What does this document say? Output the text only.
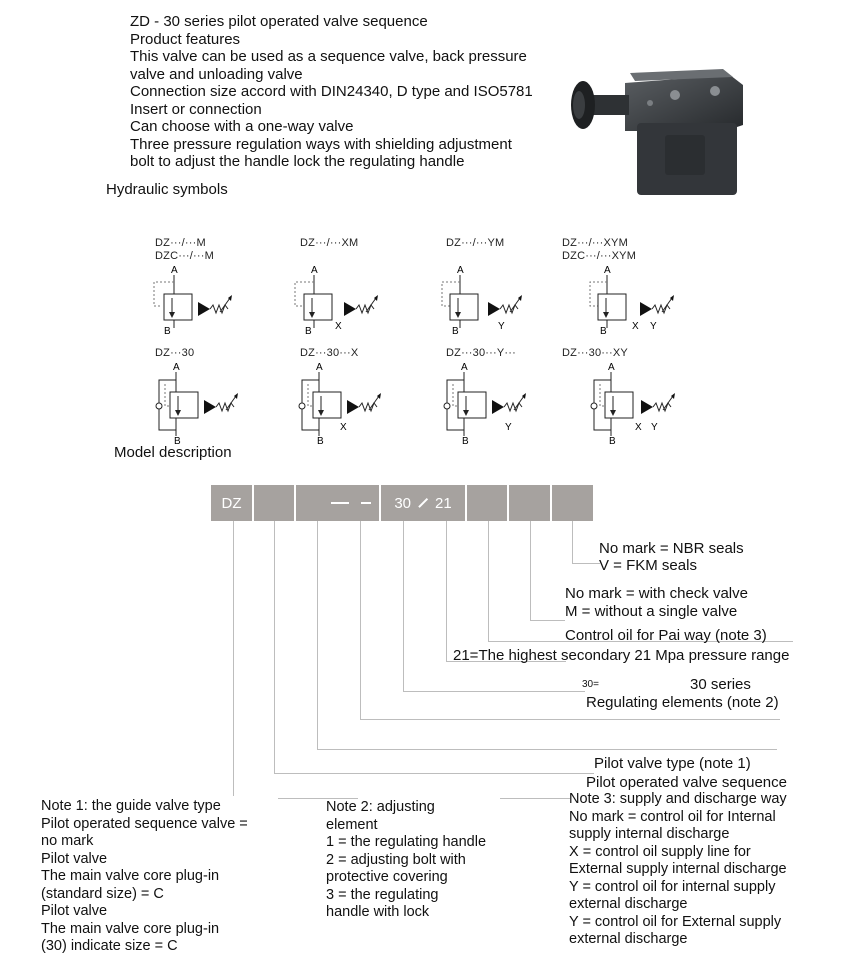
ZD - 30 series pilot operated valve sequence
Product features
This valve can be used as a sequence valve, back pressure
valve and unloading valve
Connection size accord with DIN24340, D type and ISO5781
Insert or connection
Can choose with a one-way valve
Three pressure regulation ways with shielding adjustment
bolt to adjust the handle lock the regulating handle
Hydraulic symbols
DZ···/···M
DZC···/···M
DZ···/···XM	DZ···/···YM	DZ···/···XYM
DZC···/···XYM
A
B
A
B X
A
B	Y
A
B	X Y
DZ···30	DZ···30···X	DZ···30···Y···	DZ···30···XY
A
B
A
B
X
A
B
Y
A
B
X Y
Model description
DZ	30 21
No mark = NBR seals
V = FKM seals
No mark = with check valve
M = without a single valve
Control oil for Pai way (note 3)
21=The highest secondary 21 Mpa pressure range
30=	30 series
Regulating elements (note 2)
Pilot valve type (note 1)
Pilot operated valve sequence
Note 1: the guide valve type
Pilot operated sequence valve =
no mark
Pilot valve
The main valve core plug-in
(standard size) = C
Pilot valve
The main valve core plug-in
(30) indicate size = C
Note 2: adjusting
element
1 = the regulating handle
2 = adjusting bolt with
protective covering
3 = the regulating
handle with lock
Note 3: supply and discharge way
No mark = control oil for Internal
supply internal discharge
X = control oil supply line for
External supply internal discharge
Y = control oil for internal supply
external discharge
Y = control oil for External supply
external discharge
